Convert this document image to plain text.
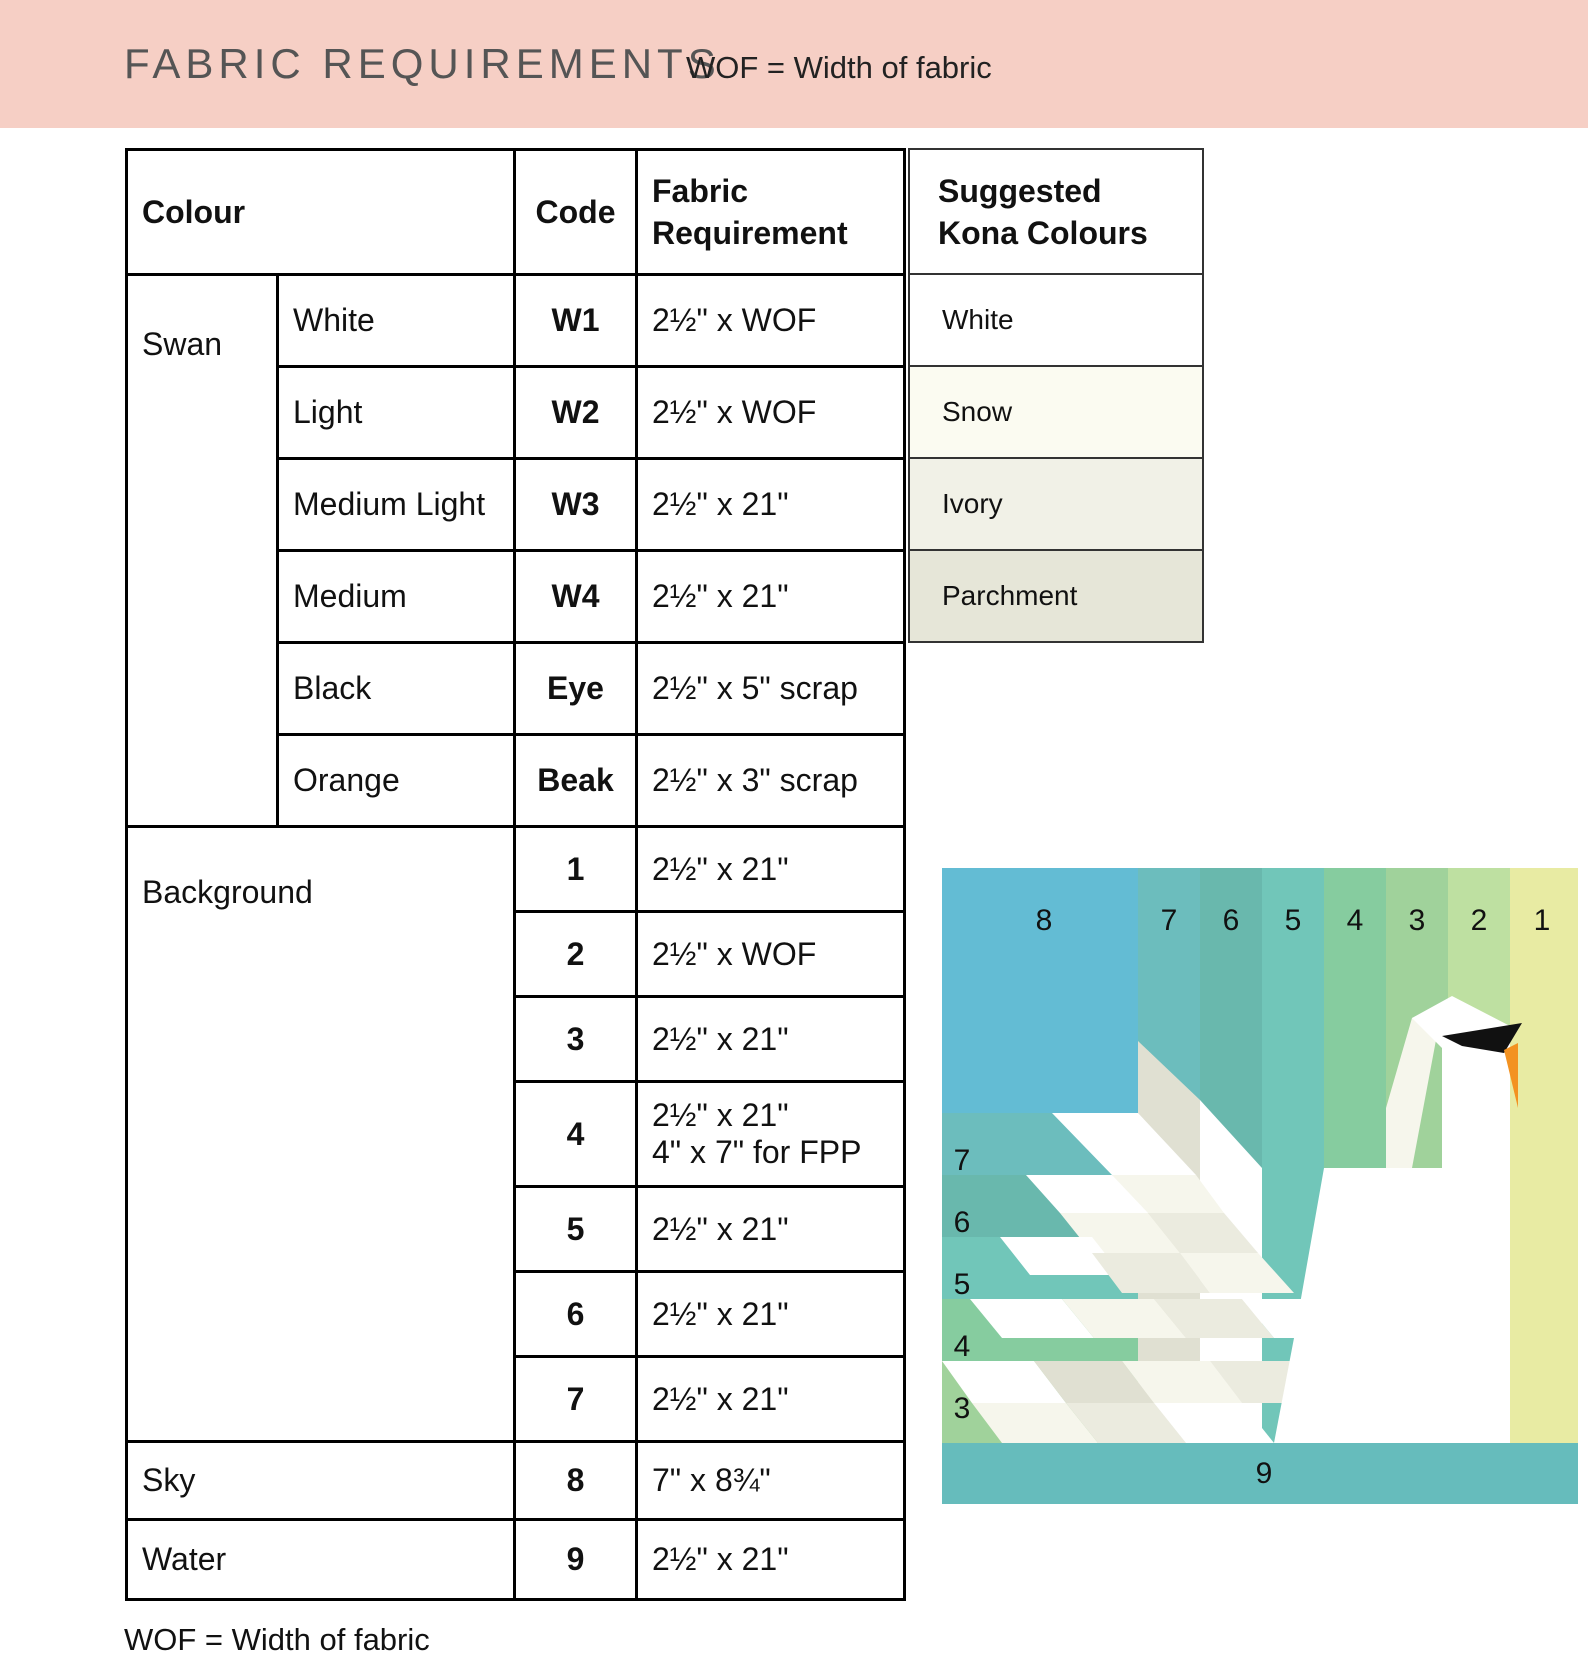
FABRIC REQUIREMENTS
WOF = Width of fabric
Colour		Code	Fabric
Requirement

Swan	White	W1	2½" x WOF
	Light	W2	2½" x WOF
	Medium Light	W3	2½" x 21"
	Medium	W4	2½" x 21"
	Black	Eye	2½" x 5" scrap
	Orange	Beak	2½" x 3" scrap
Background		1	2½" x 21"
		2	2½" x WOF
		3	2½" x 21"
		4	2½" x 21"
4" x 7" for FPP

		5	2½" x 21"
		6	2½" x 21"
		7	2½" x 21"
Sky		8	7" x 8¾"
Water		9	2½" x 21"
Suggested
Kona Colours

White
Snow
Ivory
Parchment
8	7 6 5 4 3 2 1
7
6
5
4
3
9
WOF = Width of fabric
